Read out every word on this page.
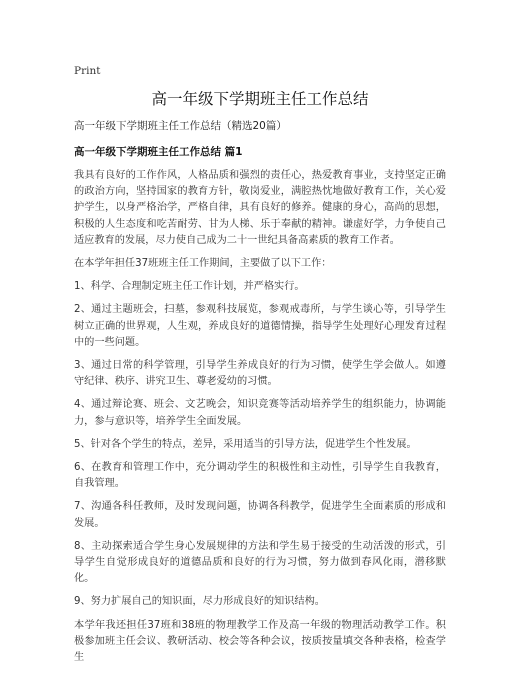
Print
高一年级下学期班主任工作总结

高一年级下学期班主任工作总结（精选20篇）

高一年级下学期班主任工作总结 篇1

我具有良好的工作作风，人格品质和强烈的责任心，热爱教育事业，支持坚定正确的政治方向，坚持国家的教育方针，敬岗爱业，满腔热忱地做好教育工作，关心爱护学生，以身严格治学，严格自律，具有良好的修养。健康的身心，高尚的思想，积极的人生态度和吃苦耐劳、甘为人梯、乐于奉献的精神。谦虚好学，力争使自己适应教育的发展，尽力使自己成为二十一世纪具备高素质的教育工作者。

在本学年担任37班班主任工作期间，主要做了以下工作：

1、科学、合理制定班主任工作计划，并严格实行。

2、通过主题班会，扫墓，参观科技展览，参观戒毒所，与学生谈心等，引导学生树立正确的世界观，人生观，养成良好的道德情操，指导学生处理好心理发育过程中的一些问题。

3、通过日常的科学管理，引导学生养成良好的行为习惯，使学生学会做人。如遵守纪律、秩序、讲究卫生、尊老爱幼的习惯。

4、通过辩论赛、班会、文艺晚会，知识竞赛等活动培养学生的组织能力，协调能力，参与意识等，培养学生全面发展。

5、针对各个学生的特点，差异，采用适当的引导方法，促进学生个性发展。

6、在教育和管理工作中，充分调动学生的积极性和主动性，引导学生自我教育，自我管理。

7、沟通各科任教师，及时发现问题，协调各科教学，促进学生全面素质的形成和发展。

8、主动探索适合学生身心发展规律的方法和学生易于接受的生动活泼的形式，引导学生自觉形成良好的道德品质和良好的行为习惯，努力做到春风化雨，潜移默化。

9、努力扩展自己的知识面，尽力形成良好的知识结构。

本学年我还担任37班和38班的物理教学工作及高一年级的物理活动教学工作。积极参加班主任会议、教研活动、校会等各种会议，按质按量填交各种表格，检查学生
